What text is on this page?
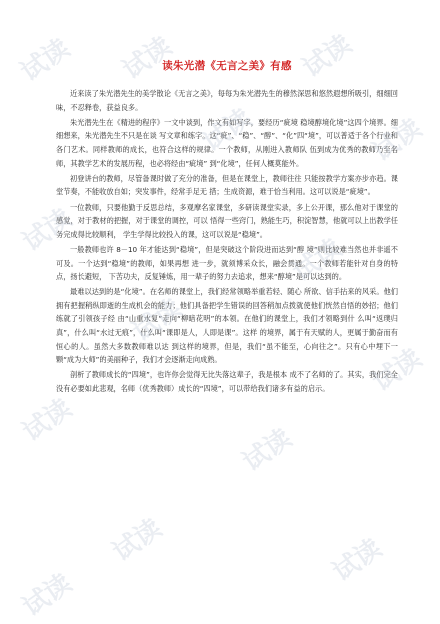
读朱光潜《无言之美》有感

近来读了朱光潜先生的美学散论《无言之美》，每每为朱光潜先生的穆然深思和悠然遐想所吸引，细细回味，不忍释卷，获益良多。

朱光潜先生在《精进的程序》一文中谈到，作文有如写字，要经历“疵境 稳境醇境化境”这四个境界。细细想来，朱光潜先生不只是在谈 写文章和练字。这“疵”、“稳”、“醇”、“化”四“境”，可以普适于各个行业和 各门艺术。同样教师的成长，也符合这样的规律。一个教师，从刚进入教师队 伍到成为优秀的教师乃至名师，其教学艺术的发展历程，也必将经由“疵境” 到“化境”，任何人概莫能外。

初登讲台的教师，尽管备课时做了充分的准备，但是在课堂上，教师往往 只能按教学方案亦步亦趋。课堂节奏，不能收放自如；突发事件，经常手足无 措；生成资源，难于恰当利用。这可以说是“疵境”。

一位教师，只要他勤于反思总结，多观摩名家课堂，多研读课堂实录，多上公开课，那么他对于课堂的感觉，对于教材的把握，对于课堂的调控，可以 悟得一些窍门，熟能生巧，积淀智慧，他就可以上出教学任务完成得比较顺利， 学生学得比较投入的课，这可以说是“稳境”。

一般教师也许 8－10 年才能达到“稳境”，但是突破这个阶段进而达到“醇 境”则比较难当然也并非遥不可及。一个达到“稳境”的教师，如果再想 进一步，就须博采众长，融会贯通。一个教师若能针对自身的特点，扬长避短， 下苦功夫，反复锤炼，用一辈子的努力去追求，想来“醇境”是可以达到的。

最难以达到的是“化境”。在名师的课堂上，我们经常领略举重若轻、随心 所欲、信手拈来的风采。他们拥有把握稍纵即逝的生成机会的能力；他们具备把学生错误的回答稍加点拨就使他们恍然自悟的妙招；他们练就了引领孩子经 由“山重水复”走向“柳暗花明”的本领。在他们的课堂上，我们才领略到什 么叫“返璞归真”，什么叫“水过无痕”，什么叫“课即是人，人即是课”。这样 的境界，属于有天赋的人，更属于勤奋而有恒心的人。虽然大多数教师难以达 到这样的境界，但是，我们“虽不能至，心向往之”。只有心中埋下一颗“成为大师”的美丽种子，我们才会逐渐走向成熟。

剖析了教师成长的“四境”，也许你会觉得无比失落这辈子，我是根本 成不了名师的了。其实，我们完全没有必要如此悲观，名师（优秀教师）成长的“四境”，可以带给我们诸多有益的启示。

试读 试读	试读
试读
试读
试读
试读
试读
试读
试读
试读
试读	试读
试读
